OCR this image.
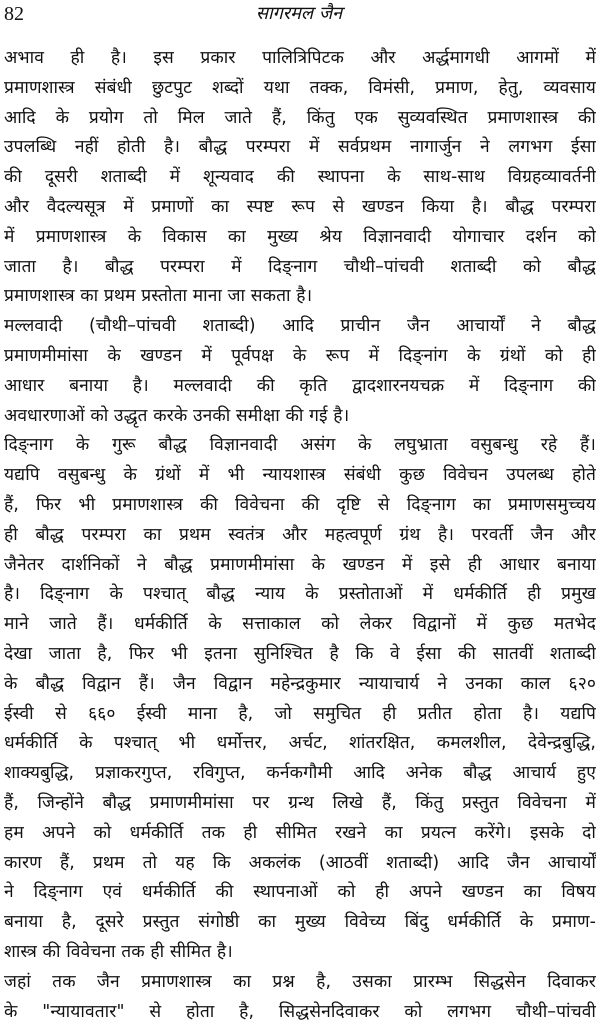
82	सागरमल जैन
अभाव ही है। इस प्रकार पालित्रिपिटक और अर्द्धमागधी आगमों में
प्रमाणशास्त्र संबंधी छुटपुट शब्दों यथा तक्क, विमंसी, प्रमाण, हेतु, व्यवसाय
आदि के प्रयोग तो मिल जाते हैं, किंतु एक सुव्यवस्थित प्रमाणशास्त्र की
उपलब्धि नहीं होती है। बौद्ध परम्परा में सर्वप्रथम नागार्जुन ने लगभग ईसा
की दूसरी शताब्दी में शून्यवाद की स्थापना के साथ-साथ विग्रहव्यावर्तनी
और वैदल्यसूत्र में प्रमाणों का स्पष्ट रूप से खण्डन किया है। बौद्ध परम्परा
में प्रमाणशास्त्र के विकास का मुख्य श्रेय विज्ञानवादी योगाचार दर्शन को
जाता है। बौद्ध परम्परा में दिङ्नाग चौथी–पांचवी शताब्दी को बौद्ध
प्रमाणशास्त्र का प्रथम प्रस्तोता माना जा सकता है।
मल्लवादी (चौथी–पांचवी शताब्दी) आदि प्राचीन जैन आचार्यों ने बौद्ध
प्रमाणमीमांसा के खण्डन में पूर्वपक्ष के रूप में दिङ्नांग के ग्रंथों को ही
आधार बनाया है। मल्लवादी की कृति द्वादशारनयचक्र में दिङ्नाग की
अवधारणाओं को उद्धृत करके उनकी समीक्षा की गई है।
दिङ्नाग के गुरू बौद्ध विज्ञानवादी असंग के लघुभ्राता वसुबन्धु रहे हैं।
यद्यपि वसुबन्धु के ग्रंथों में भी न्यायशास्त्र संबंधी कुछ विवेचन उपलब्ध होते
हैं, फिर भी प्रमाणशास्त्र की विवेचना की दृष्टि से दिङ्नाग का प्रमाणसमुच्चय
ही बौद्ध परम्परा का प्रथम स्वतंत्र और महत्वपूर्ण ग्रंथ है। परवर्ती जैन और
जैनेतर दार्शनिकों ने बौद्ध प्रमाणमीमांसा के खण्डन में इसे ही आधार बनाया
है। दिङ्नाग के पश्चात् बौद्ध न्याय के प्रस्तोताओं में धर्मकीर्ति ही प्रमुख
माने जाते हैं। धर्मकीर्ति के सत्ताकाल को लेकर विद्वानों में कुछ मतभेद
देखा जाता है, फिर भी इतना सुनिश्चित है कि वे ईसा की सातवीं शताब्दी
के बौद्ध विद्वान हैं। जैन विद्वान महेन्द्रकुमार न्यायाचार्य ने उनका काल ६२०
ईस्वी से ६६० ईस्वी माना है, जो समुचित ही प्रतीत होता है। यद्यपि
धर्मकीर्ति के पश्चात् भी धर्मोत्तर, अर्चट, शांतरक्षित, कमलशील, देवेन्द्रबुद्धि,
शाक्यबुद्धि, प्रज्ञाकरगुप्त, रविगुप्त, कर्नकगौमी आदि अनेक बौद्ध आचार्य हुए
हैं, जिन्होंने बौद्ध प्रमाणमीमांसा पर ग्रन्थ लिखे हैं, किंतु प्रस्तुत विवेचना में
हम अपने को धर्मकीर्ति तक ही सीमित रखने का प्रयत्न करेंगे। इसके दो
कारण हैं, प्रथम तो यह कि अकलंक (आठवीं शताब्दी) आदि जैन आचार्यों
ने दिङ्नाग एवं धर्मकीर्ति की स्थापनाओं को ही अपने खण्डन का विषय
बनाया है, दूसरे प्रस्तुत संगोष्ठी का मुख्य विवेच्य बिंदु धर्मकीर्ति के प्रमाण-
शास्त्र की विवेचना तक ही सीमित है।
जहां तक जैन प्रमाणशास्त्र का प्रश्न है, उसका प्रारम्भ सिद्धसेन दिवाकर
के "न्यायावतार" से होता है, सिद्धसेनदिवाकर को लगभग चौथी–पांचवी
